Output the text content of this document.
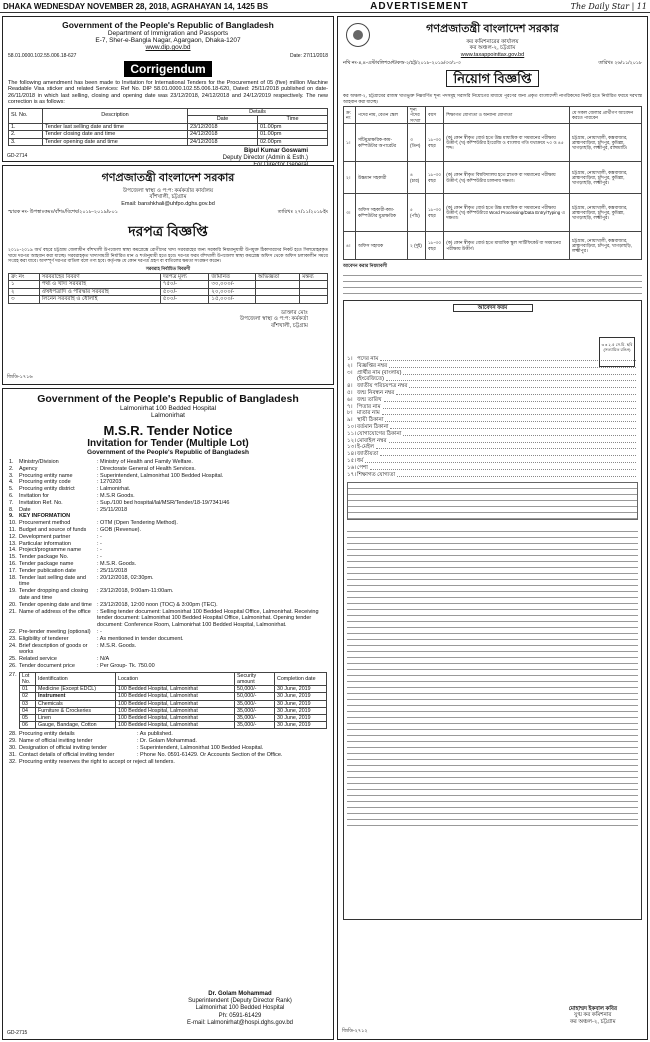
DHAKA WEDNESDAY NOVEMBER 28, 2018, AGRAHAYAN 14, 1425 BS	ADVERTISEMENT	The Daily Star | 11
Government of the People's Republic of Bangladesh
Department of Immigration and Passports
E-7, Sher-e-Bangla Nagar, Agargaon, Dhaka-1207
www.dip.gov.bd
58.01.0000.102.55.006.18-627	Date: 27/11/2018
Corrigendum
The following amendment has been made to Invitation for International Tenders for the Procurement of 05 (five) million Machine Readable Visa sticker and related Services: Ref No. DIP 58.01.0000.102.55.006.18-620, Dated: 25/11/2018 published on date-26/11/2018 in which last selling, closing and opening date was 23/12/2018, 24/12/2018 and 24/12/2019 respectively. The new correction is as follows:
Sl. No.	Description	Details	
		Date	Time
1.	Tender last selling date and time	23/12/2018	01.00pm
2.	Tender closing date and time	24/12/2018	01.00pm
3.	Tender opening date and time	24/12/2018	02.00pm
Bipul Kumar Goswami
Deputy Director (Admin & Esth.)
GD-2714
গণপ্রজাতন্ত্রী বাংলাদেশ সরকার
উপজেলা স্বাস্থ্য ও প:প: কর্মকর্তার কার্যালয়
বাঁশখালী, চট্টগ্রাম
Email: banshkhali@uhfpo.dghs.gov.bd
স্মারক নং- উপস্বাঃকমঃ/বাঁশঃ/বিশেষ/২০১৮-২০১৯/৮০১	তারিখঃ ২৭/১১/২০১৮ইং
দরপত্র বিজ্ঞপ্তি
২০১৮-২০১৯ অর্থ বছরে চট্টগ্রাম জেলাধীন বাঁশখালী উপজেলা স্বাস্থ্য কমপ্লেক্সে রোগীদের খাদ্য সরবরাহের জন্য সরকারি নিয়মানুযায়ী উপযুক্ত ঠিকাদারদের নিকট হতে সিলমোহরকৃত খামে দরপত্র আহবান করা যাচ্ছে। সরবরাহকৃত খাদ্যসামগ্রী নির্ধারিত মান ও শর্তানুযায়ী হতে হবে। দরপত্র ফরম বাঁশখালী উপজেলা স্বাস্থ্য কমপ্লেক্স অফিস থেকে অফিস চলাকালীন সময়ে সংগ্রহ করা যাবে। অসম্পূর্ণ দরপত্র বাতিল বলে গণ্য হবে। কর্তৃপক্ষ যে কোন দরপত্র গ্রহণ বা বাতিলের ক্ষমতা সংরক্ষণ করেন।
সরবরাহ নির্বাচিত বিবরণী
ক্র: নং	সরবরাহের বিবরণ	দরপত্র মূল্য	জামানত	অভিজ্ঞতা	মন্তব্য
১	পথ্য ও খাদ্য সরবরাহ	৭৫০/-	৩০,০০০/-		
২	ঔষধপত্রাদি ও পরিস্কার সরবরাহ	৫০০/-	২০,০০০/-		
৩	লিনেন সরবরাহ ও ধোলাই	৫০০/-	১৫,০০০/-		
ডাক্তার মোঃ
উপজেলা স্বাস্থ্য ও প:প: কর্মকর্তা
বাঁশখালী, চট্টগ্রাম
জিডি-১৭১৬
Government of the People's Republic of Bangladesh
Lalmonirhat 100 Bedded Hospital
Lalmonirhat
M.S.R. Tender Notice
Invitation for Tender (Multiple Lot)
Government of the People's Republic of Bangladesh
1. Ministry/Division	: Ministry of Health and Family Welfare.
2. Agency	: Directorate General of Health Services.
3. Procuring entity name	: Superintendent, Lalmonirhat 100 Bedded Hospital.
4. Procuring entity code	: 1270203
5. Procuring entity district	: Lalmonirhat.
6. Invitation for	: M.S.R Goods.
7. Invitation Ref. No.	: Sup./100 bed hospital/lal/MSR/Tender/18-19/7341/46
8. Date	: 25/11/2018
9. KEY INFORMATION
10. Procurement method	: OTM (Open Tendering Method).
11. Budget and source of funds	: GOB (Revenue).
12. Development partner	: -
13. Particular information	: -
14. Project/programme name	: -
15. Tender package No.	: -
16. Tender package name	: M.S.R. Goods.
17. Tender publication date	: 25/11/2018
18. Tender last selling date and time
: 20/12/2018, 02:30pm.
19. Tender dropping and closing date and time
: 23/12/2018, 9:00am-11:00am.
20. Tender opening date and time : 23/12/2018, 12:00 noon (TOC) & 3:00pm (TEC).
21. Name of address of the office	: Selling tender document: Lalmonirhat 100 Bedded Hospital Office, Lalmonirhat. Receiving tender document: Lalmonirhat 100 Bedded Hospital Office, Lalmonirhat. Opening tender document: Conference Room, Lalmonirhat 100 Bedded Hospital, Lalmonirhat.
22. Pre-tender meeting (optional)	: -
23. Eligibility of tenderer	: As mentioned in tender document.
24. Brief description of goods or works
: M.S.R. Goods.
25. Related service	: N/A
26. Tender document price	: Per Group- Tk. 750.00
27.	Lot No.	Identification	Location	Security amount	Completion date
01	Medicine (Except EDCL)	100 Bedded Hospital, Lalmonirhat	50,000/-	30 June, 2019
02	Instrument	100 Bedded Hospital, Lalmonirhat	50,000/-	30 June, 2019
03	Chemicals	100 Bedded Hospital, Lalmonirhat	35,000/-	30 June, 2019
04	Furniture & Crockeries	100 Bedded Hospital, Lalmonirhat	35,000/-	30 June, 2019
05	Linen	100 Bedded Hospital, Lalmonirhat	35,000/-	30 June, 2019
06	Gauge, Bandage, Cotton	100 Bedded Hospital, Lalmonirhat	35,000/-	30 June, 2019
28. Procuring entity details	: As published.
29. Name of official inviting tender	: Dr. Golam Mohammad.
30. Designation of official inviting tender	: Superintendent, Lalmonirhat 100 Bedded Hospital.
31. Contact details of official inviting tender	: Phone No. 0591-61429. Or Accounts Section of the Office.
32. Procuring entity reserves the right to accept or reject all tenders.
Dr. Golam Mohammad
Superintendent (Deputy Director Rank)
Lalmonirhat 100 Bedded Hospital
Ph: 0591-61429
E-mail: Lalmonirhat@hospi.dghs.gov.bd
GD-2715
গণপ্রজাতন্ত্রী বাংলাদেশ সরকার
কর কমিশনারের কার্যালয়
কর অঞ্চল-২, চট্টগ্রাম
www.taxappointtax.gov.bd
নথি নং-৪,৪-এস্টাবলিশমেন্ট/কঅ-২/চট্ট/২০১৮-২০১৯/৩৩/১-৩	তারিখঃ ২৬/১১/২০১৮
নিয়োগ বিজ্ঞপ্তি
কর অঞ্চল-২, চট্টগ্রামের রাজস্ব খাতভুক্ত নিম্নবর্ণিত শূন্য পদসমূহ সরাসরি নিয়োগের মাধ্যমে পূরণের জন্য প্রকৃত বাংলাদেশী নাগরিকদের নিকট হতে নির্ধারিত ফরমে দরখাস্ত আহবান করা যাচ্ছে।
ক্র: নং	পদের নাম, বেতন স্কেল	শূন্য পদের সংখ্যা	বয়স	শিক্ষাগত যোগ্যতা ও অন্যান্য যোগ্যতা	যে সকল জেলার প্রার্থীগণ আবেদন করতে পারবেন
১।	সাঁটমুদ্রাক্ষরিক-কাম-কম্পিউটার অপারেটর	৩ (তিন)	১৮-৩০ বছর	(ক) কোন স্বীকৃত বোর্ড হতে উচ্চ মাধ্যমিক বা সমমানের পরীক্ষায় উত্তীর্ণ; (খ) কম্পিউটার ইংরেজি ও বাংলায় গতি যথাক্রমে ৭০ ও ৪৫ শব্দ।	চট্টগ্রাম, নোয়াখালী, কক্সবাজার, ব্রাহ্মণবাড়িয়া, চাঁদপুর, কুমিল্লা, খাগড়াছড়ি, লক্ষ্মীপুর, রাঙ্গামাটি।
২।	উচ্চমান সহকারী	৪ (চার)	১৮-৩০ বছর	(ক) কোন স্বীকৃত বিশ্ববিদ্যালয় হতে স্নাতক বা সমমানের পরীক্ষায় উত্তীর্ণ; (খ) কম্পিউটার চালনায় দক্ষতা।	চট্টগ্রাম, নোয়াখালী, কক্সবাজার, ব্রাহ্মণবাড়িয়া, চাঁদপুর, কুমিল্লা, খাগড়াছড়ি, লক্ষ্মীপুর।
৩।	অফিস সহকারী-কাম-কম্পিউটার মুদ্রাক্ষরিক	৫ (পাঁচ)	১৮-৩০ বছর	(ক) কোন স্বীকৃত বোর্ড হতে উচ্চ মাধ্যমিক বা সমমানের পরীক্ষায় উত্তীর্ণ; (খ) কম্পিউটারে Word Processing/Data Entry/Typing এ দক্ষতা।	চট্টগ্রাম, নোয়াখালী, কক্সবাজার, ব্রাহ্মণবাড়িয়া, চাঁদপুর, কুমিল্লা, খাগড়াছড়ি, লক্ষ্মীপুর।
৪।	অফিস সহায়ক	২ (দুই)	১৮-৩০ বছর	(ক) কোন স্বীকৃত বোর্ড হতে মাধ্যমিক স্কুল সার্টিফিকেট বা সমমানের পরীক্ষায় উত্তীর্ণ।	চট্টগ্রাম, নোয়াখালী, কক্সবাজার, ব্রাহ্মণবাড়িয়া, চাঁদপুর, খাগড়াছড়ি, লক্ষ্মীপুর।
আবেদন করার নিয়মাবলী
আবেদন ফরম
৩ x ২.৫ সে.মি. ছবি (সত্যায়িত রঙিন)
১। পদের নাম
২। বিজ্ঞপ্তির নম্বর
৩। প্রার্থীর নাম (বাংলায়)
(ইংরেজিতে)
৪। জাতীয় পরিচয়পত্র নম্বর
৫। জন্ম নিবন্ধন নম্বর
৬। জন্ম তারিখ
৭। পিতার নাম
৮। মাতার নাম
৯। স্থায়ী ঠিকানা
১০। বর্তমান ঠিকানা
১১। যোগাযোগের ঠিকানা
১২। মোবাইল নম্বর
১৩। ই-মেইল
১৪। জাতীয়তা
১৫। ধর্ম
১৬। পেশা
১৭। শিক্ষাগত যোগ্যতা
মোহাম্মদ ইকবাল কবির
যুগ্ম কর কমিশনার
কর অঞ্চল-২, চট্টগ্রাম
জিডি-২৭১২
